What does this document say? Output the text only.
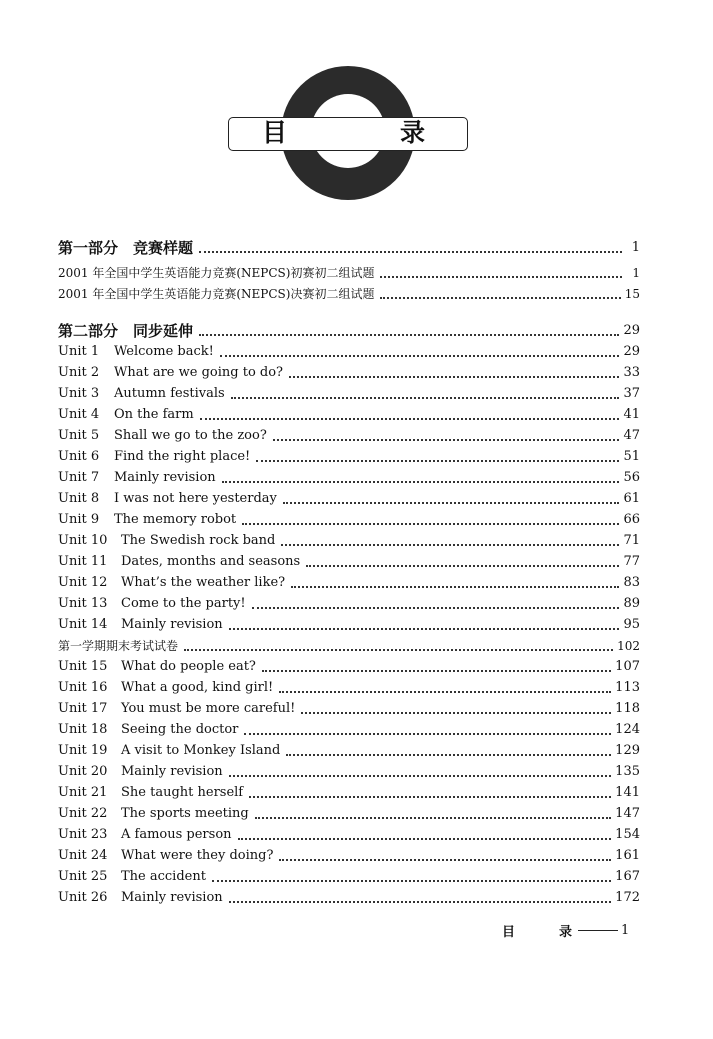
目	录
第一部分　竞赛样题	1
2001 年全国中学生英语能力竞赛(NEPCS)初赛初二组试题	1
2001 年全国中学生英语能力竞赛(NEPCS)决赛初二组试题	15
第二部分　同步延伸	29
Unit 1	Welcome back!	29
Unit 2	What are we going to do?	33
Unit 3	Autumn festivals	37
Unit 4	On the farm	41
Unit 5	Shall we go to the zoo?	47
Unit 6	Find the right place!	51
Unit 7	Mainly revision	56
Unit 8	I was not here yesterday	61
Unit 9	The memory robot	66
Unit 10	The Swedish rock band	71
Unit 11	Dates, months and seasons	77
Unit 12	What’s the weather like?	83
Unit 13	Come to the party!	89
Unit 14	Mainly revision	95
第一学期期末考试试卷	102
Unit 15	What do people eat?	107
Unit 16	What a good, kind girl!	113
Unit 17	You must be more careful!	118
Unit 18	Seeing the doctor	124
Unit 19	A visit to Monkey Island	129
Unit 20	Mainly revision	135
Unit 21	She taught herself	141
Unit 22	The sports meeting	147
Unit 23	A famous person	154
Unit 24	What were they doing?	161
Unit 25	The accident	167
Unit 26	Mainly revision	172
目	录	1
